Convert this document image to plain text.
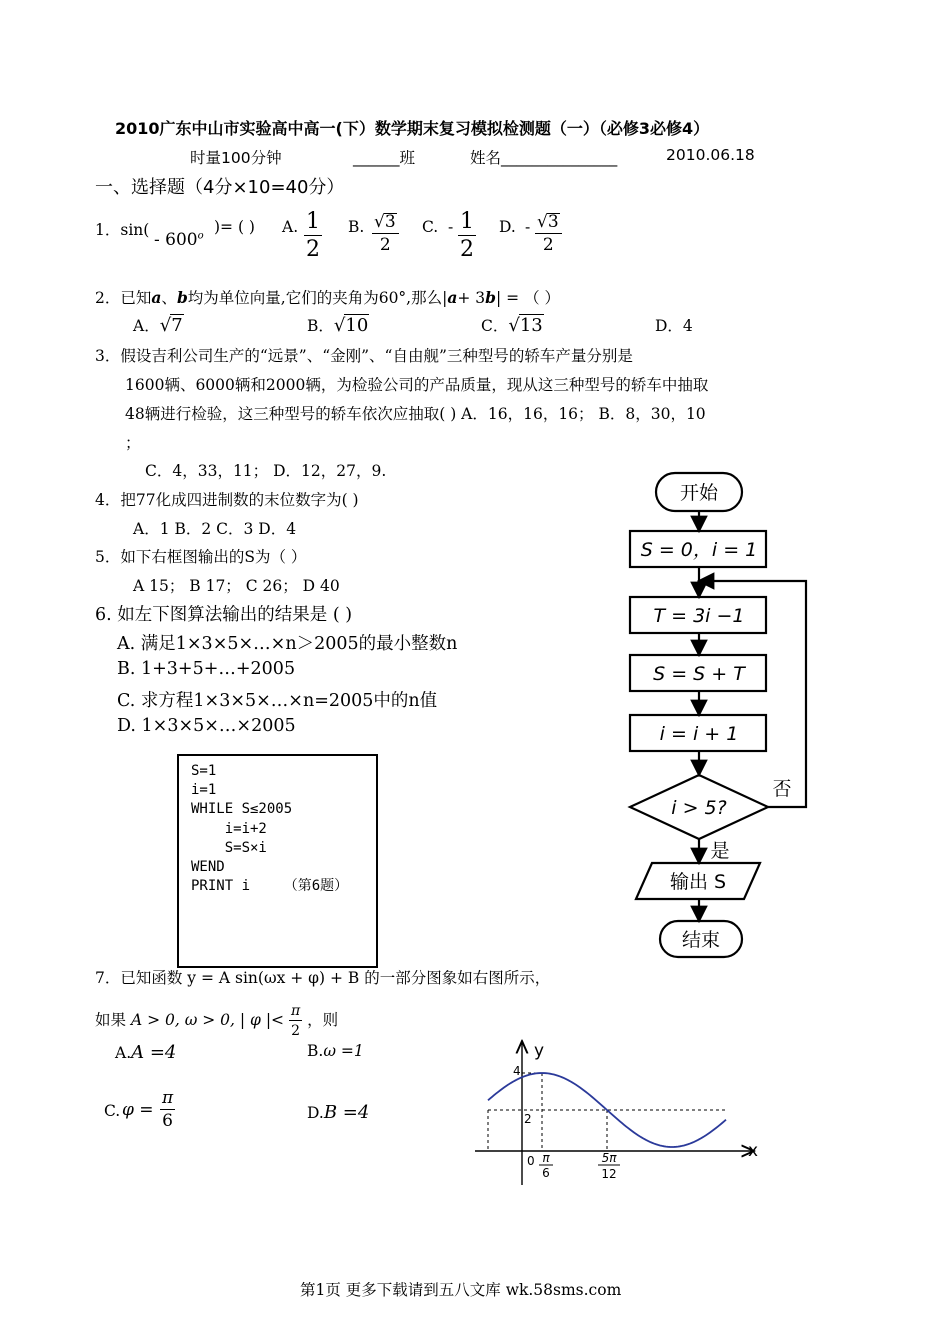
2010广东中山市实验高中高一(下）数学期末复习模拟检测题（一）（必修3必修4）
时量100分钟	______班	姓名_______________	2010.06.18
一、选择题（4分×10=40分）
1．sin( - 600$^o$ )= ( ) A. $\frac{1}{2} B$. $\frac{√3}{2} C$. - $\frac{1}{2} D$. - $\frac{√3}{2}$
2．已知a、b均为单位向量,它们的夹角为60°,那么|a+ 3b| = （ ）
A．√7	B．√10	C．√13	D．4
3．假设吉利公司生产的“远景”、“金刚”、“自由舰”三种型号的轿车产量分别是
1600辆、6000辆和2000辆，为检验公司的产品质量，现从这三种型号的轿车中抽取
48辆进行检验，这三种型号的轿车依次应抽取( ) A．16，16，16； B．8，30，10
；
C．4，33，11； D．12，27，9.
4．把77化成四进制数的末位数字为( )
A．1 B．2 C．3 D．4
5．如下右框图输出的S为（ ）
A 15； B 17； C 26； D 40
6. 如左下图算法输出的结果是 ( )
A. 满足1×3×5×…×n＞2005的最小整数n
B. 1+3+5+…+2005
C. 求方程1×3×5×…×n=2005中的n值
D. 1×3×5×…×2005
S=1
i=1
WHILE S≤2005
i=i+2
S=S×i
WEND
PRINT i    （第6题）
开始
S = 0，i = 1
T = 3i −1
S = S + T
i = i + 1
i > 5?
否
是
输出 S
结束
7．已知函数 y = A sin(ωx + φ) + B 的一部分图象如右图所示，
如果 A > 0, ω > 0, | φ |< $\frac{\pi}{2}$ ，则
A.A =4	B.ω =1
C. $\varphi = \frac{\pi}{6}$	D.B =4
y
x
4
2
0 π
6
5π
12
第1页 更多下载请到五八文库 wk.58sms.com
